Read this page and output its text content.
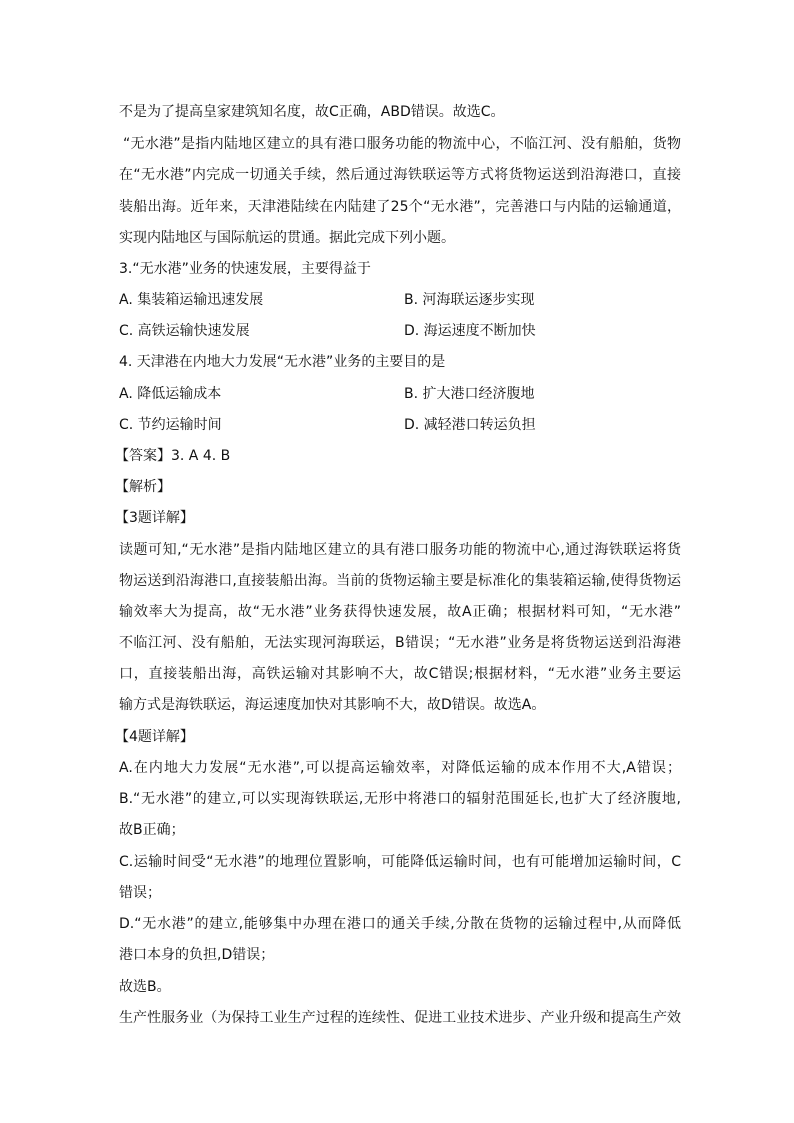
不是为了提高皇家建筑知名度，故C正确，ABD错误。故选C。
“无水港”是指内陆地区建立的具有港口服务功能的物流中心，不临江河、没有船舶，货物
在“无水港”内完成一切通关手续，然后通过海铁联运等方式将货物运送到沿海港口，直接
装船出海。近年来，天津港陆续在内陆建了25个“无水港”，完善港口与内陆的运输通道，
实现内陆地区与国际航运的贯通。据此完成下列小题。
3.“无水港”业务的快速发展，主要得益于
A. 集装箱运输迅速发展	B. 河海联运逐步实现
C. 高铁运输快速发展	D. 海运速度不断加快
4. 天津港在内地大力发展“无水港”业务的主要目的是
A. 降低运输成本	B. 扩大港口经济腹地
C. 节约运输时间	D. 减轻港口转运负担
【答案】3. A 4. B
【解析】
【3题详解】
读题可知,“无水港”是指内陆地区建立的具有港口服务功能的物流中心,通过海铁联运将货
物运送到沿海港口,直接装船出海。当前的货物运输主要是标准化的集装箱运输,使得货物运
输效率大为提高，故“无水港”业务获得快速发展，故A正确；根据材料可知，“无水港”
不临江河、没有船舶，无法实现河海联运，B错误；“无水港”业务是将货物运送到沿海港
口，直接装船出海，高铁运输对其影响不大，故C错误;根据材料，“无水港”业务主要运
输方式是海铁联运，海运速度加快对其影响不大，故D错误。故选A。
【4题详解】
A.在内地大力发展“无水港”,可以提高运输效率，对降低运输的成本作用不大,A错误；
B.“无水港”的建立,可以实现海铁联运,无形中将港口的辐射范围延长,也扩大了经济腹地,
故B正确；
C.运输时间受“无水港”的地理位置影响，可能降低运输时间，也有可能增加运输时间，C
错误；
D.“无水港”的建立,能够集中办理在港口的通关手续,分散在货物的运输过程中,从而降低
港口本身的负担,D错误；
故选B。
生产性服务业（为保持工业生产过程的连续性、促进工业技术进步、产业升级和提高生产效
